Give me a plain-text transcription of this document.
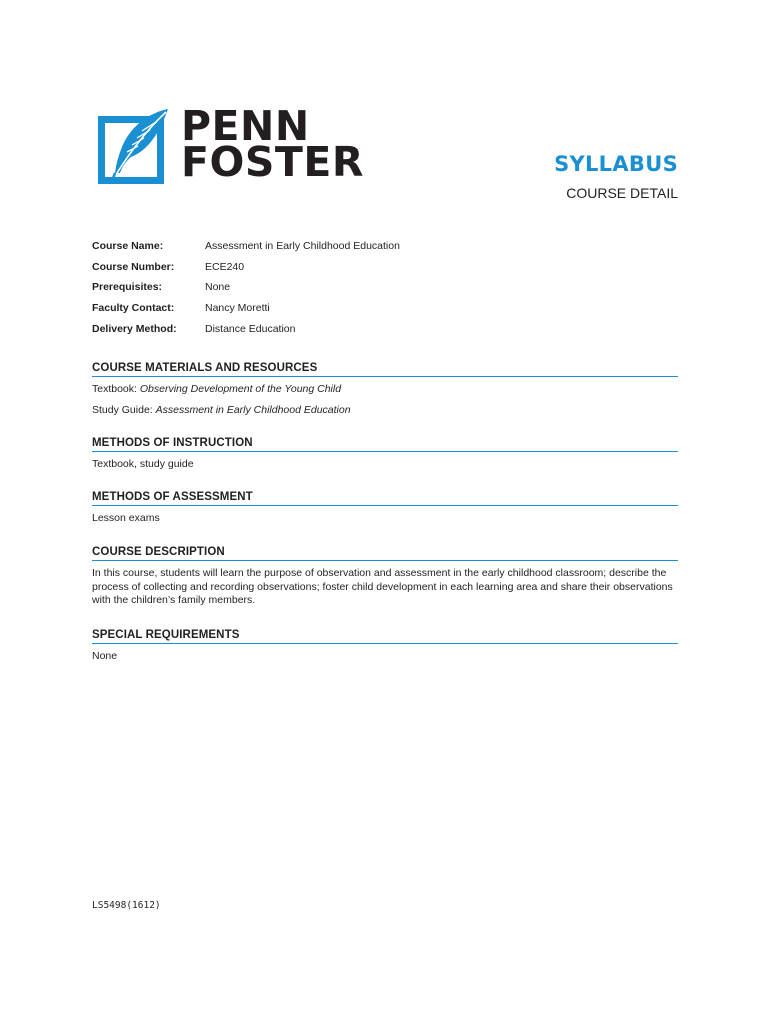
PENN
FOSTER	SYLLABUS
COURSE DETAIL
Course Name:	Assessment in Early Childhood Education
Course Number:	ECE240
Prerequisites:	None
Faculty Contact:	Nancy Moretti
Delivery Method:	Distance Education
COURSE MATERIALS AND RESOURCES

Textbook: Observing Development of the Young Child

Study Guide: Assessment in Early Childhood Education

METHODS OF INSTRUCTION

Textbook, study guide

METHODS OF ASSESSMENT

Lesson exams

COURSE DESCRIPTION

In this course, students will learn the purpose of observation and assessment in the early childhood classroom; describe the process of collecting and recording observations; foster child development in each learning area and share their observations with the children’s family members.

SPECIAL REQUIREMENTS

None

LS5498(1612)
